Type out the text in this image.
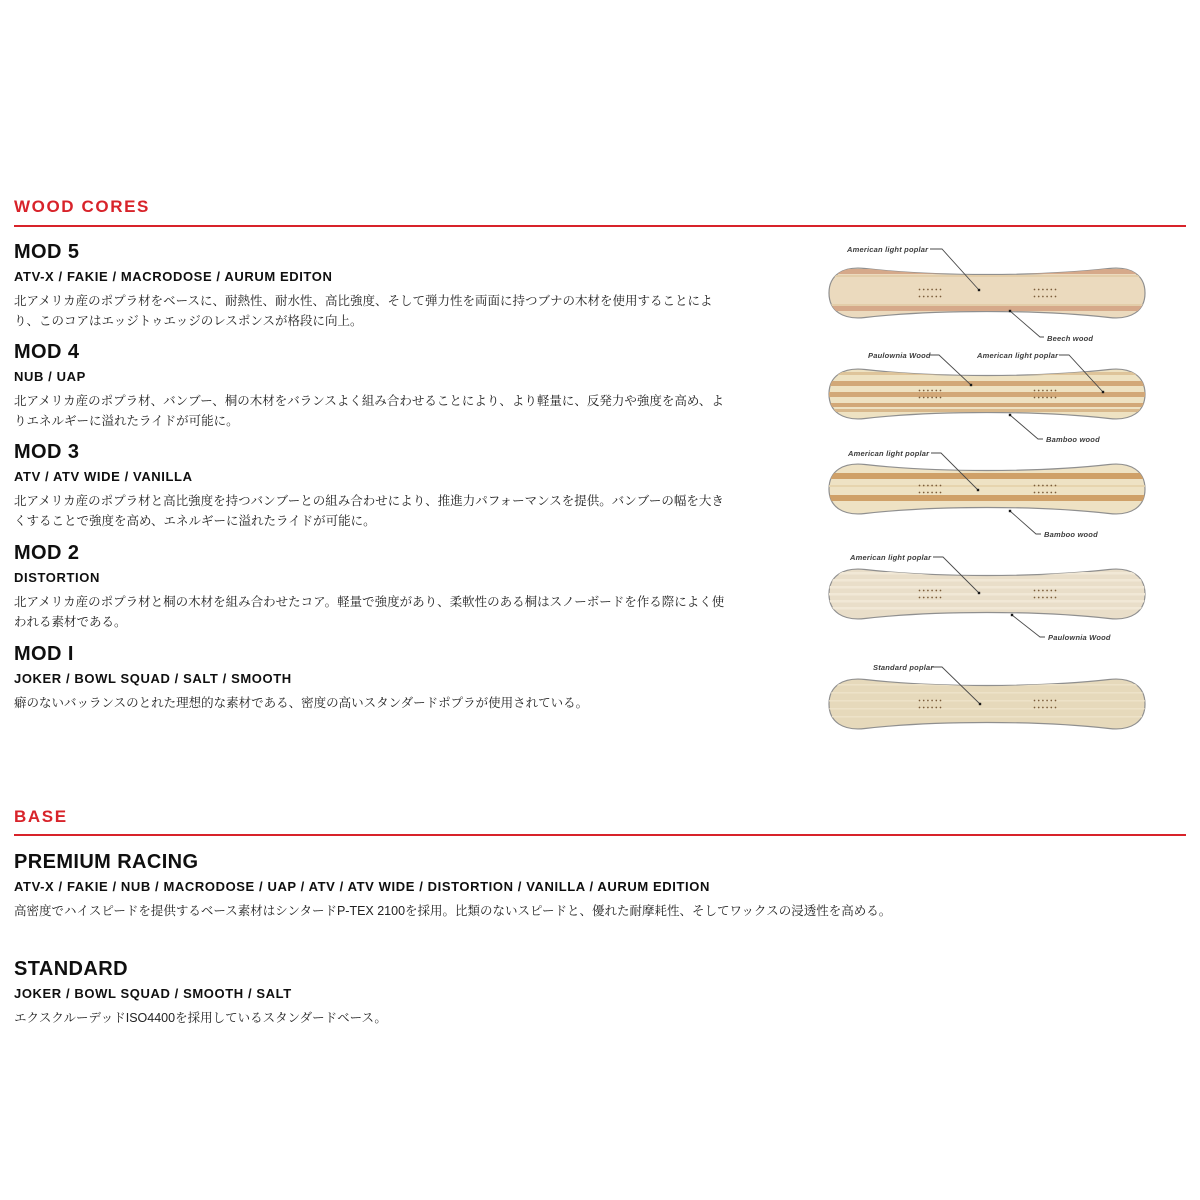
WOOD CORES
MOD 5
ATV-X / FAKIE / MACRODOSE / AURUM EDITON

北アメリカ産のポプラ材をベースに、耐熱性、耐水性、高比強度、そして弾力性を両面に持つブナの木材を使用することにより、このコアはエッジトゥエッジのレスポンスが格段に向上。

MOD 4
NUB / UAP

北アメリカ産のポプラ材、バンブー、桐の木材をバランスよく組み合わせることにより、より軽量に、反発力や強度を高め、よりエネルギーに溢れたライドが可能に。

MOD 3
ATV / ATV WIDE / VANILLA

北アメリカ産のポプラ材と高比強度を持つバンブーとの組み合わせにより、推進力パフォーマンスを提供。バンブーの幅を大きくすることで強度を高め、エネルギーに溢れたライドが可能に。

MOD 2
DISTORTION

北アメリカ産のポプラ材と桐の木材を組み合わせたコア。軽量で強度があり、柔軟性のある桐はスノーボードを作る際によく使われる素材である。

MOD I
JOKER / BOWL SQUAD / SALT / SMOOTH

癖のないバッランスのとれた理想的な素材である、密度の高いスタンダードポプラが使用されている。

American light poplar
Beech wood
Paulownia Wood	American light poplar
Bamboo wood
American light poplar
Bamboo wood
American light poplar
Paulownia Wood
Standard poplar
BASE
PREMIUM RACING
ATV-X / FAKIE / NUB / MACRODOSE / UAP / ATV / ATV WIDE / DISTORTION / VANILLA / AURUM EDITION

高密度でハイスピードを提供するベース素材はシンタードP-TEX 2100を採用。比類のないスピードと、優れた耐摩耗性、そしてワックスの浸透性を高める。

STANDARD
JOKER / BOWL SQUAD / SMOOTH / SALT

エクスクルーデッドISO4400を採用しているスタンダードベース。
